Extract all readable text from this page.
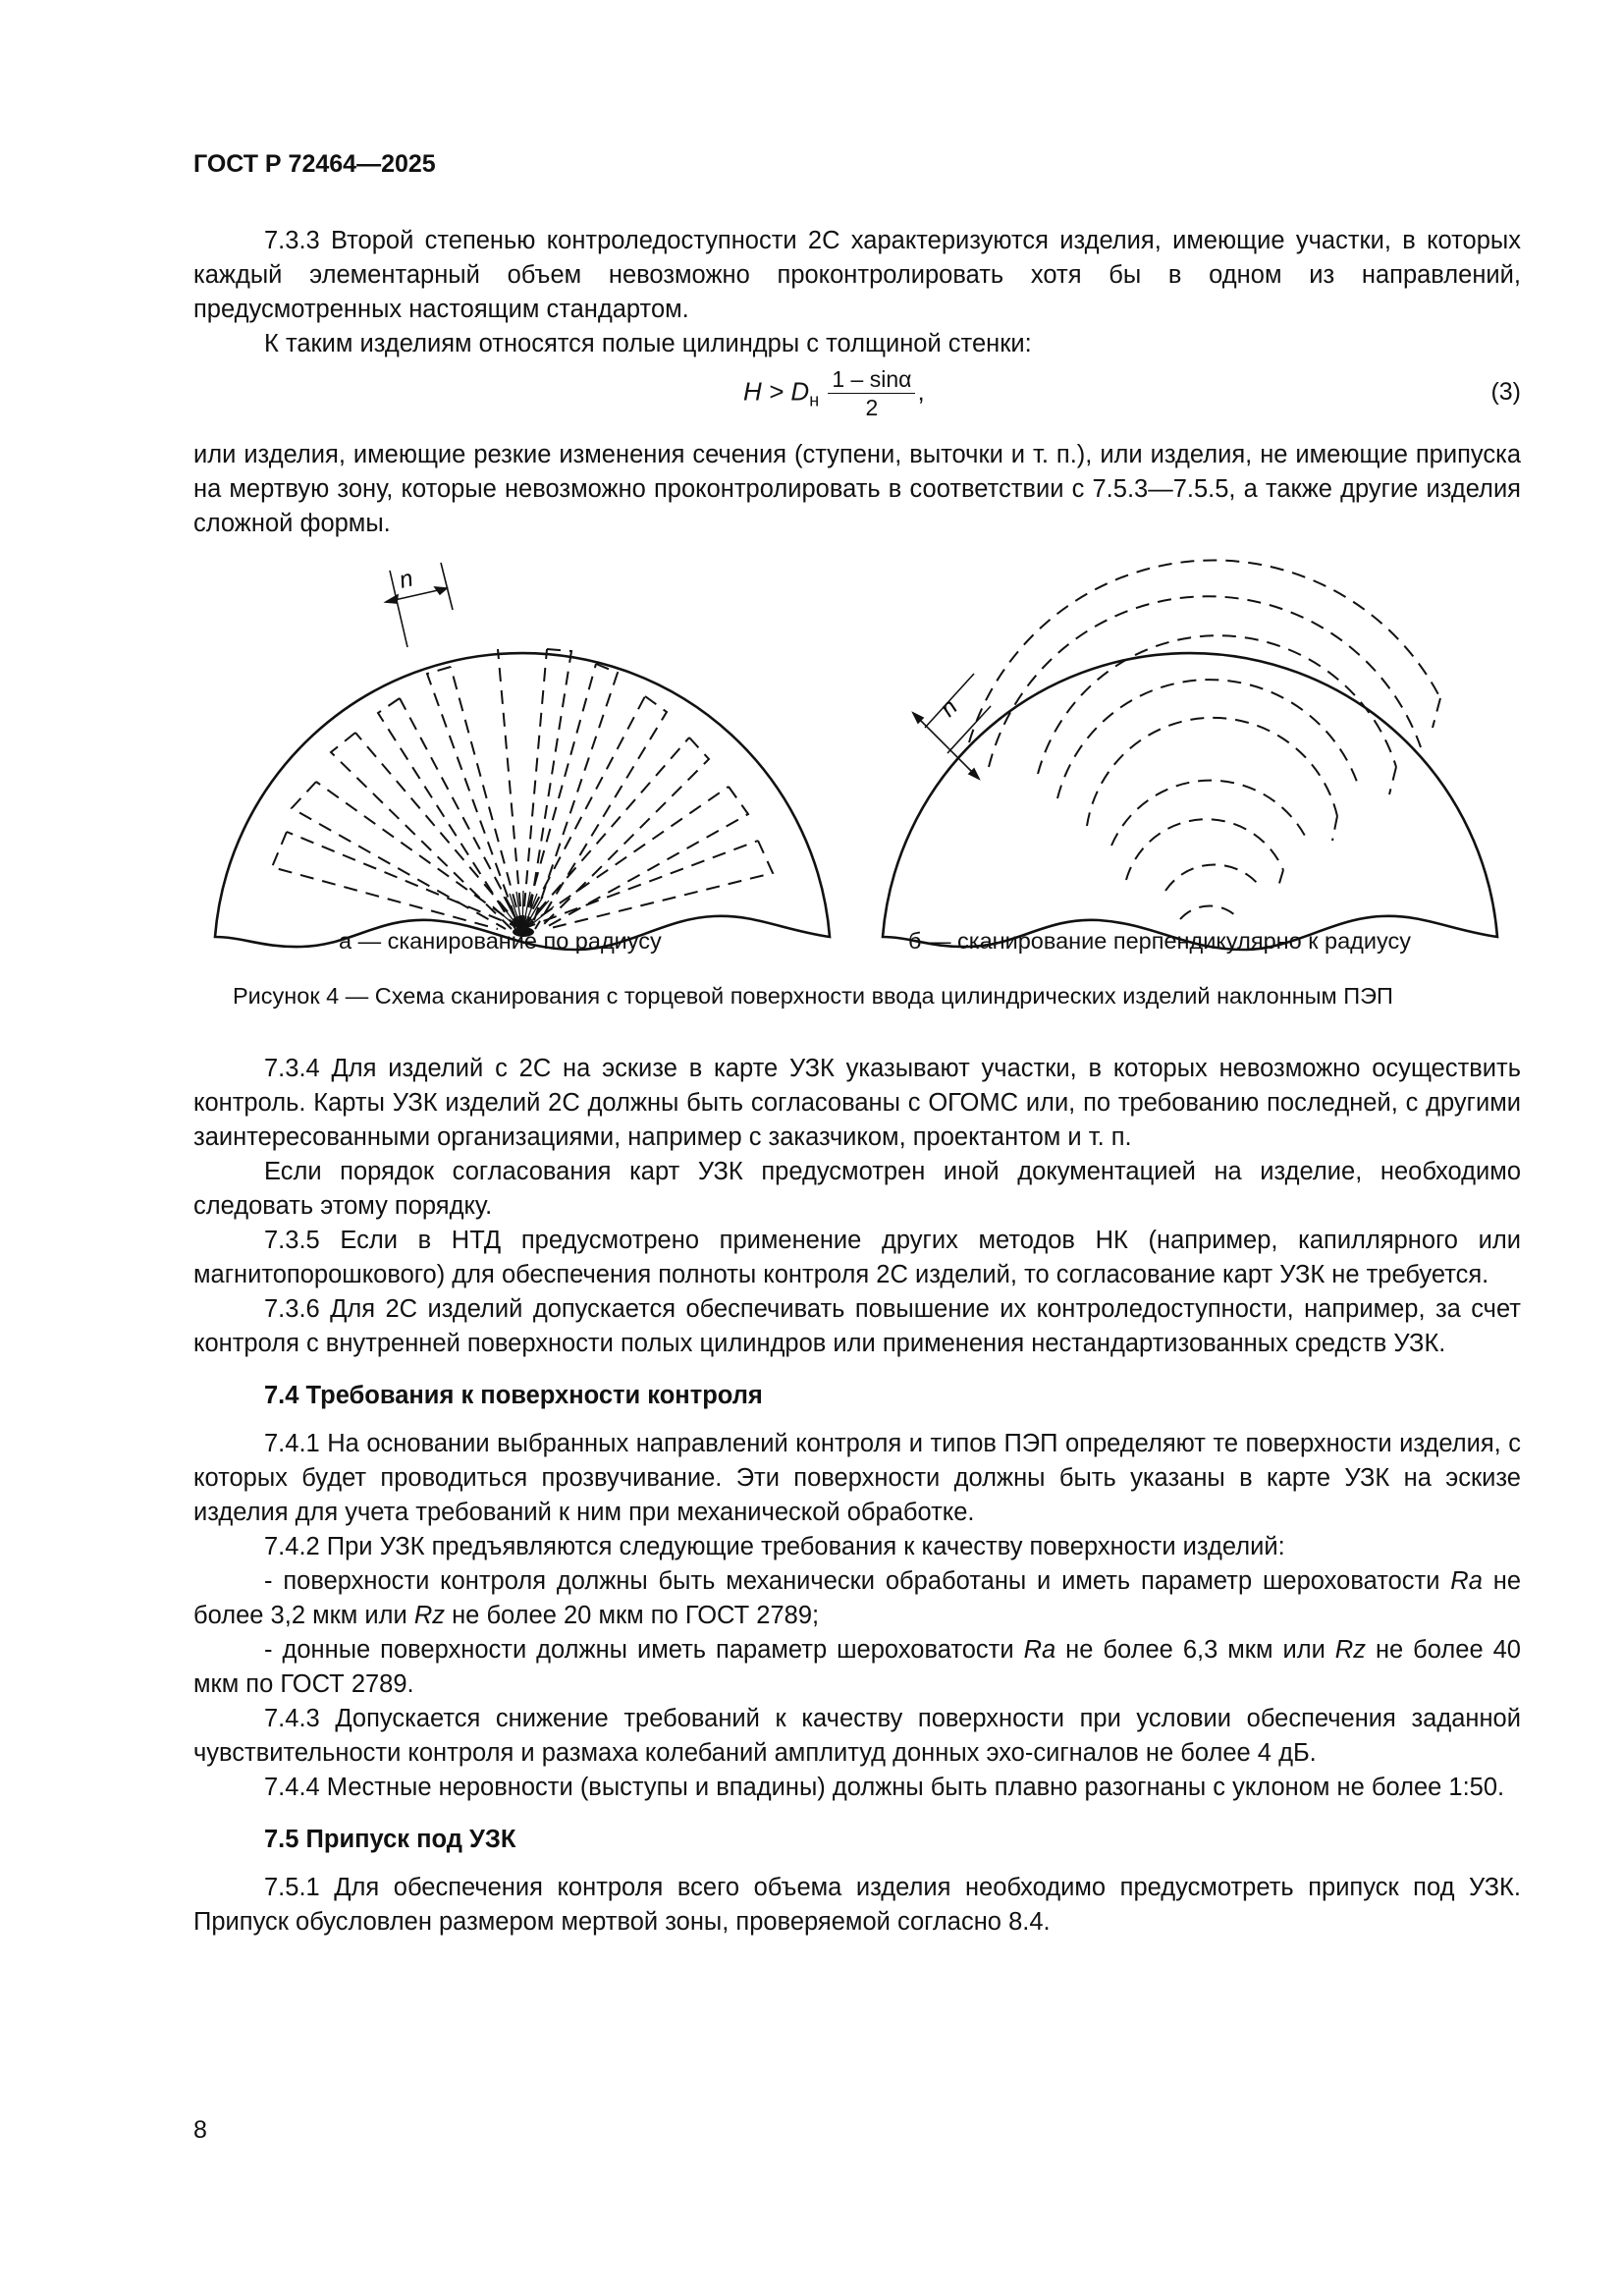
ГОСТ Р 72464—2025

7.3.3 Второй степенью контроледоступности 2С характеризуются изделия, имеющие участки, в которых каждый элементарный объем невозможно проконтролировать хотя бы в одном из направлений, предусмотренных настоящим стандартом.

К таким изделиям относятся полые цилиндры с толщиной стенки:

$H > D_н \frac{1 - \sin\alpha}{2}$ ,	(3)

или изделия, имеющие резкие изменения сечения (ступени, выточки и т. п.), или изделия, не имеющие припуска на мертвую зону, которые невозможно проконтролировать в соответствии с 7.5.3—7.5.5, а также другие изделия сложной формы.

n
n
а — сканирование по радиусу	б — сканирование перпендикулярно к радиусу
Рисунок 4 — Схема сканирования с торцевой поверхности ввода цилиндрических изделий наклонным ПЭП

7.3.4 Для изделий с 2С на эскизе в карте УЗК указывают участки, в которых невозможно осуществить контроль. Карты УЗК изделий 2С должны быть согласованы с ОГОМС или, по требованию последней, с другими заинтересованными организациями, например с заказчиком, проектантом и т. п.

Если порядок согласования карт УЗК предусмотрен иной документацией на изделие, необходимо следовать этому порядку.

7.3.5 Если в НТД предусмотрено применение других методов НК (например, капиллярного или магнитопорошкового) для обеспечения полноты контроля 2С изделий, то согласование карт УЗК не требуется.

7.3.6 Для 2С изделий допускается обеспечивать повышение их контроледоступности, например, за счет контроля с внутренней поверхности полых цилиндров или применения нестандартизованных средств УЗК.

7.4 Требования к поверхности контроля

7.4.1 На основании выбранных направлений контроля и типов ПЭП определяют те поверхности изделия, с которых будет проводиться прозвучивание. Эти поверхности должны быть указаны в карте УЗК на эскизе изделия для учета требований к ним при механической обработке.

7.4.2 При УЗК предъявляются следующие требования к качеству поверхности изделий:

- поверхности контроля должны быть механически обработаны и иметь параметр шероховатости Ra не более 3,2 мкм или Rz не более 20 мкм по ГОСТ 2789;

- донные поверхности должны иметь параметр шероховатости Ra не более 6,3 мкм или Rz не более 40 мкм по ГОСТ 2789.

7.4.3 Допускается снижение требований к качеству поверхности при условии обеспечения заданной чувствительности контроля и размаха колебаний амплитуд донных эхо-сигналов не более 4 дБ.

7.4.4 Местные неровности (выступы и впадины) должны быть плавно разогнаны с уклоном не более 1:50.

7.5 Припуск под УЗК

7.5.1 Для обеспечения контроля всего объема изделия необходимо предусмотреть припуск под УЗК. Припуск обусловлен размером мертвой зоны, проверяемой согласно 8.4.

8
